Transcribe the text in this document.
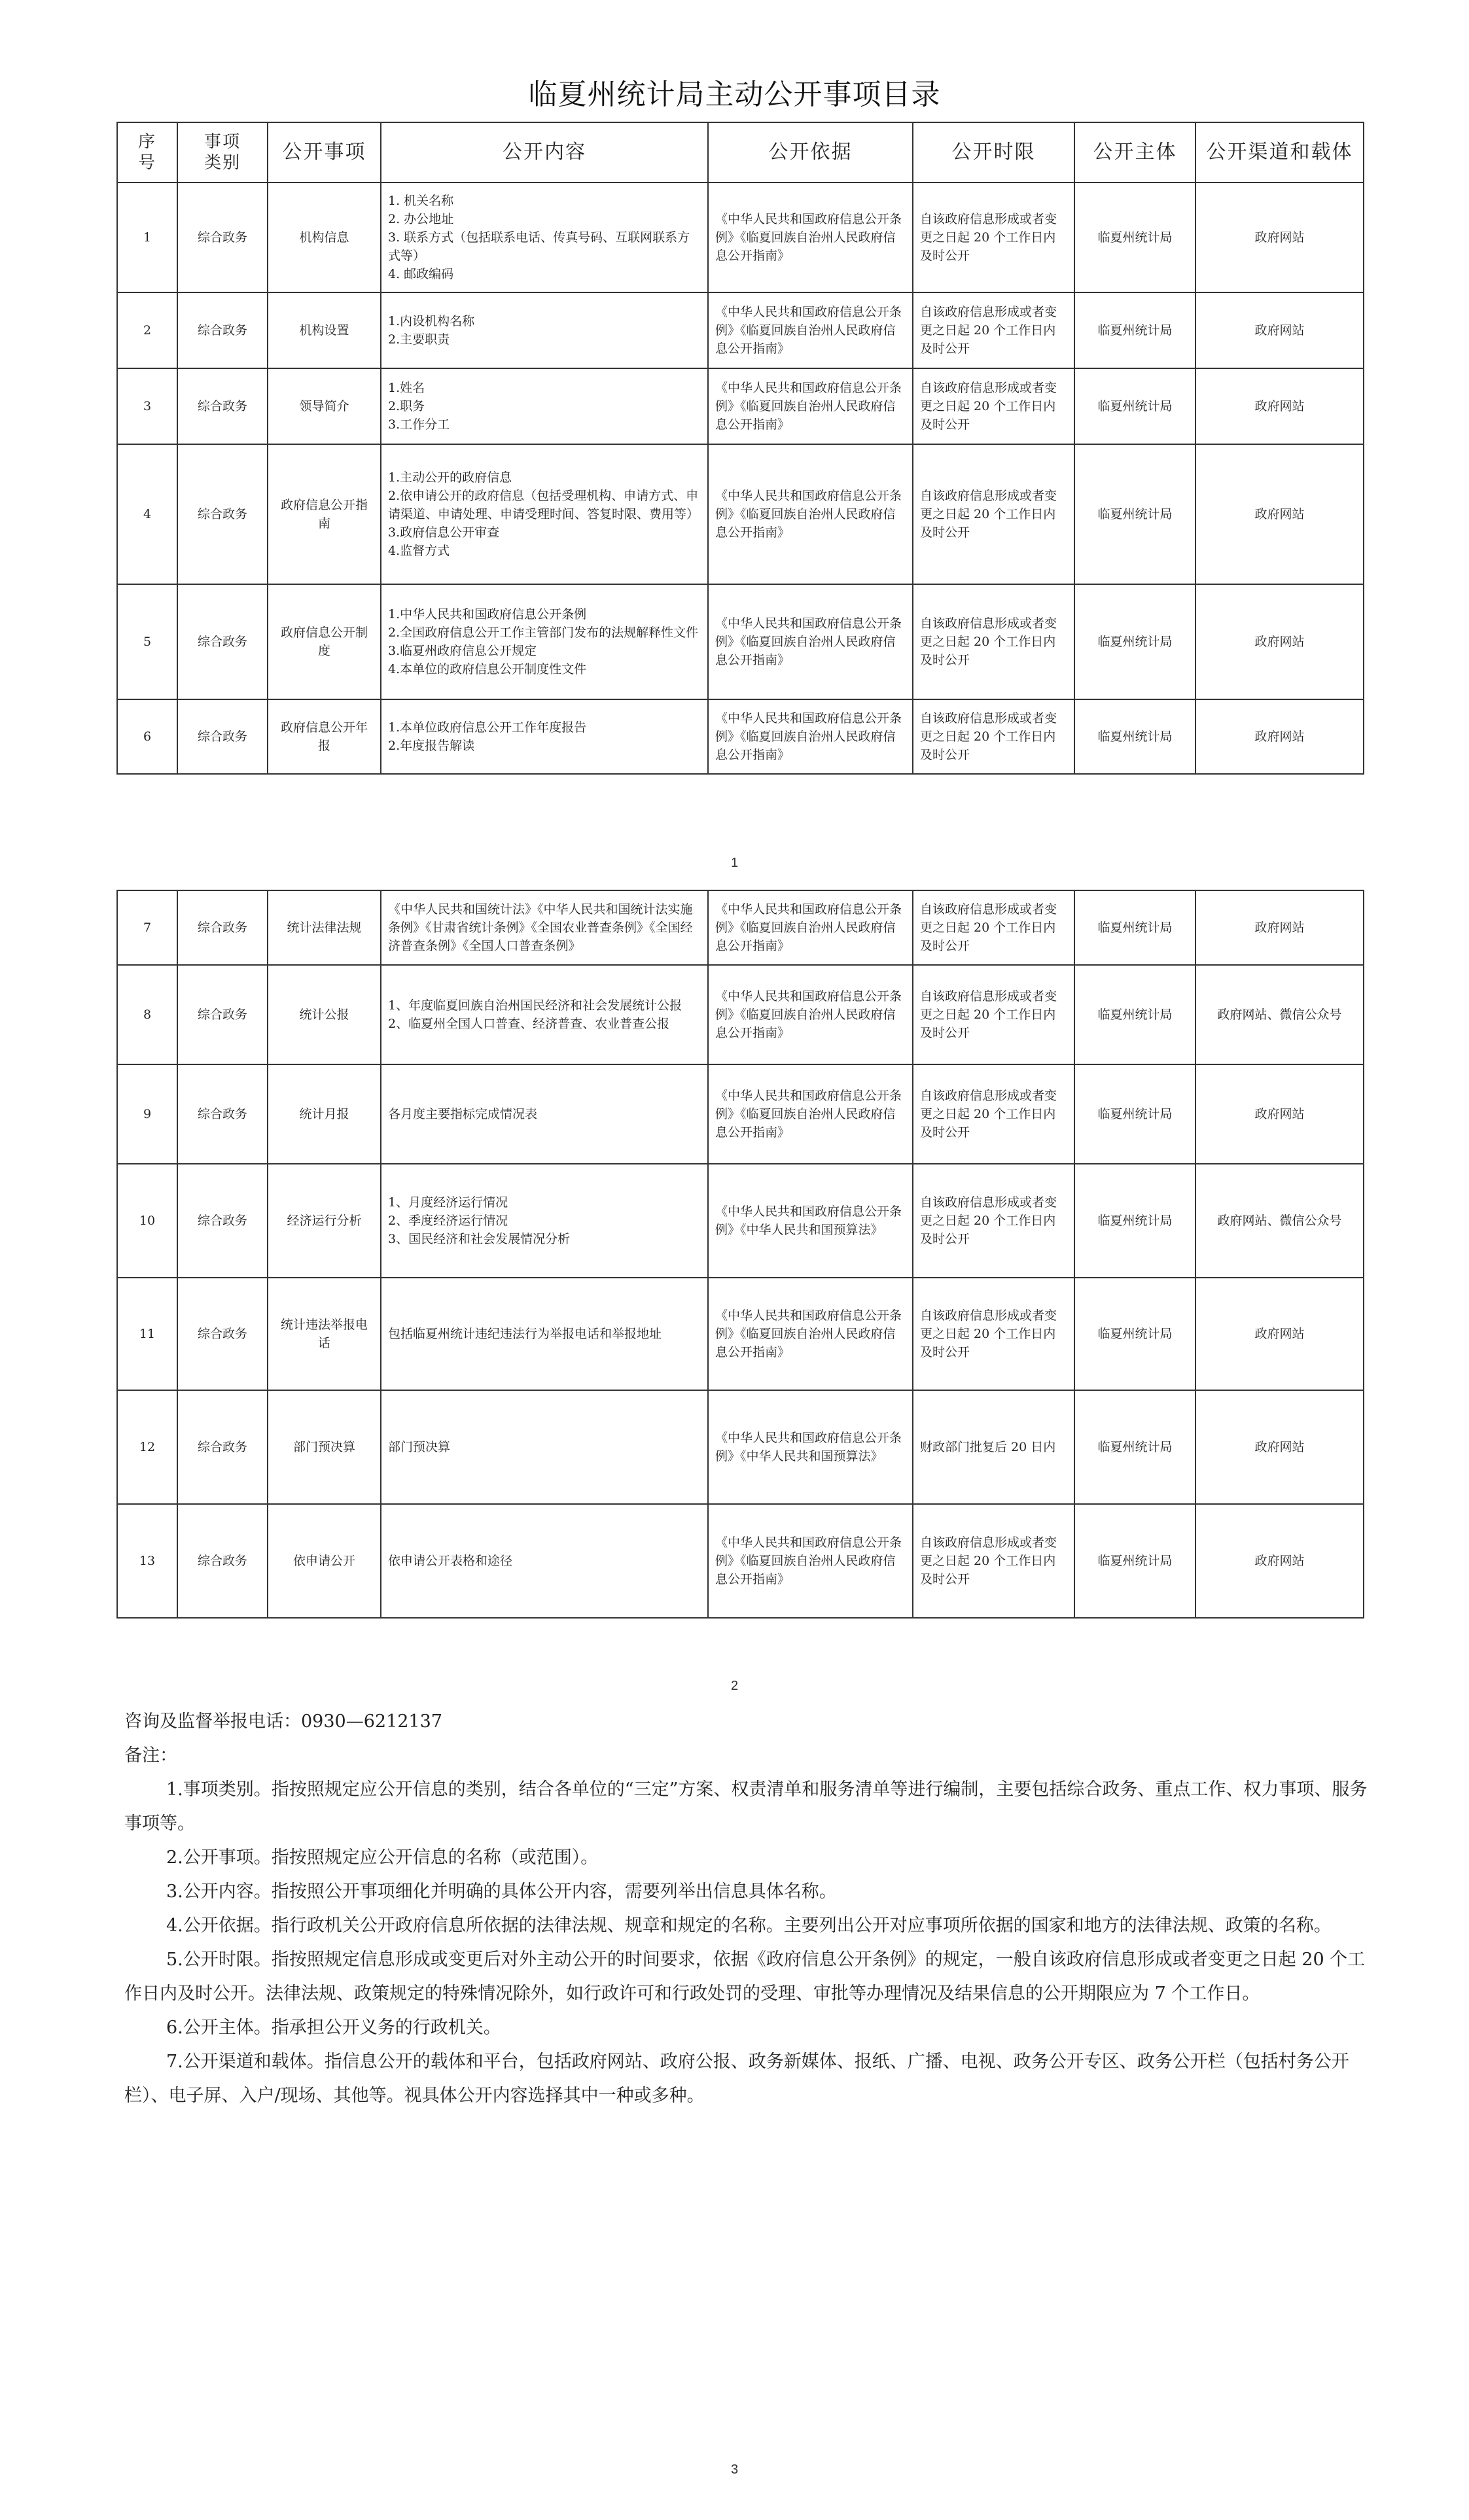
临夏州统计局主动公开事项目录
序号	事项类别	公开事项	公开内容	公开依据	公开时限	公开主体	公开渠道和载体
1	综合政务	机构信息	1. 机关名称
2. 办公地址
3. 联系方式（包括联系电话、传真号码、互联网联系方式等）
4. 邮政编码	《中华人民共和国政府信息公开条例》《临夏回族自治州人民政府信息公开指南》	自该政府信息形成或者变更之日起 20 个工作日内及时公开	临夏州统计局	政府网站
2	综合政务	机构设置	1.内设机构名称
2.主要职责	《中华人民共和国政府信息公开条例》《临夏回族自治州人民政府信息公开指南》	自该政府信息形成或者变更之日起 20 个工作日内及时公开	临夏州统计局	政府网站
3	综合政务	领导简介	1.姓名
2.职务
3.工作分工	《中华人民共和国政府信息公开条例》《临夏回族自治州人民政府信息公开指南》	自该政府信息形成或者变更之日起 20 个工作日内及时公开	临夏州统计局	政府网站
4	综合政务	政府信息公开指南	1.主动公开的政府信息
2.依申请公开的政府信息（包括受理机构、申请方式、申请渠道、申请处理、申请受理时间、答复时限、费用等）
3.政府信息公开审查
4.监督方式	《中华人民共和国政府信息公开条例》《临夏回族自治州人民政府信息公开指南》	自该政府信息形成或者变更之日起 20 个工作日内及时公开	临夏州统计局	政府网站
5	综合政务	政府信息公开制度	1.中华人民共和国政府信息公开条例
2.全国政府信息公开工作主管部门发布的法规解释性文件
3.临夏州政府信息公开规定
4.本单位的政府信息公开制度性文件	《中华人民共和国政府信息公开条例》《临夏回族自治州人民政府信息公开指南》	自该政府信息形成或者变更之日起 20 个工作日内及时公开	临夏州统计局	政府网站
6	综合政务	政府信息公开年报	1.本单位政府信息公开工作年度报告
2.年度报告解读	《中华人民共和国政府信息公开条例》《临夏回族自治州人民政府信息公开指南》	自该政府信息形成或者变更之日起 20 个工作日内及时公开	临夏州统计局	政府网站
1
7	综合政务	统计法律法规	《中华人民共和国统计法》《中华人民共和国统计法实施条例》《甘肃省统计条例》《全国农业普查条例》《全国经济普查条例》《全国人口普查条例》	《中华人民共和国政府信息公开条例》《临夏回族自治州人民政府信息公开指南》	自该政府信息形成或者变更之日起 20 个工作日内及时公开	临夏州统计局	政府网站
8	综合政务	统计公报	1、年度临夏回族自治州国民经济和社会发展统计公报
2、临夏州全国人口普查、经济普查、农业普查公报	《中华人民共和国政府信息公开条例》《临夏回族自治州人民政府信息公开指南》	自该政府信息形成或者变更之日起 20 个工作日内及时公开	临夏州统计局	政府网站、微信公众号
9	综合政务	统计月报	各月度主要指标完成情况表	《中华人民共和国政府信息公开条例》《临夏回族自治州人民政府信息公开指南》	自该政府信息形成或者变更之日起 20 个工作日内及时公开	临夏州统计局	政府网站
10	综合政务	经济运行分析	1、月度经济运行情况
2、季度经济运行情况
3、国民经济和社会发展情况分析	《中华人民共和国政府信息公开条例》《中华人民共和国预算法》	自该政府信息形成或者变更之日起 20 个工作日内及时公开	临夏州统计局	政府网站、微信公众号
11	综合政务	统计违法举报电话	包括临夏州统计违纪违法行为举报电话和举报地址	《中华人民共和国政府信息公开条例》《临夏回族自治州人民政府信息公开指南》	自该政府信息形成或者变更之日起 20 个工作日内及时公开	临夏州统计局	政府网站
12	综合政务	部门预决算	部门预决算	《中华人民共和国政府信息公开条例》《中华人民共和国预算法》	财政部门批复后 20 日内	临夏州统计局	政府网站
13	综合政务	依申请公开	依申请公开表格和途径	《中华人民共和国政府信息公开条例》《临夏回族自治州人民政府信息公开指南》	自该政府信息形成或者变更之日起 20 个工作日内及时公开	临夏州统计局	政府网站
2

咨询及监督举报电话：0930—6212137

备注：

1.事项类别。指按照规定应公开信息的类别，结合各单位的“三定”方案、权责清单和服务清单等进行编制，主要包括综合政务、重点工作、权力事项、服务事项等。

2.公开事项。指按照规定应公开信息的名称（或范围）。

3.公开内容。指按照公开事项细化并明确的具体公开内容，需要列举出信息具体名称。

4.公开依据。指行政机关公开政府信息所依据的法律法规、规章和规定的名称。主要列出公开对应事项所依据的国家和地方的法律法规、政策的名称。

5.公开时限。指按照规定信息形成或变更后对外主动公开的时间要求，依据《政府信息公开条例》的规定，一般自该政府信息形成或者变更之日起 20 个工作日内及时公开。法律法规、政策规定的特殊情况除外，如行政许可和行政处罚的受理、审批等办理情况及结果信息的公开期限应为 7 个工作日。

6.公开主体。指承担公开义务的行政机关。

7.公开渠道和载体。指信息公开的载体和平台，包括政府网站、政府公报、政务新媒体、报纸、广播、电视、政务公开专区、政务公开栏（包括村务公开栏）、电子屏、入户/现场、其他等。视具体公开内容选择其中一种或多种。

3
